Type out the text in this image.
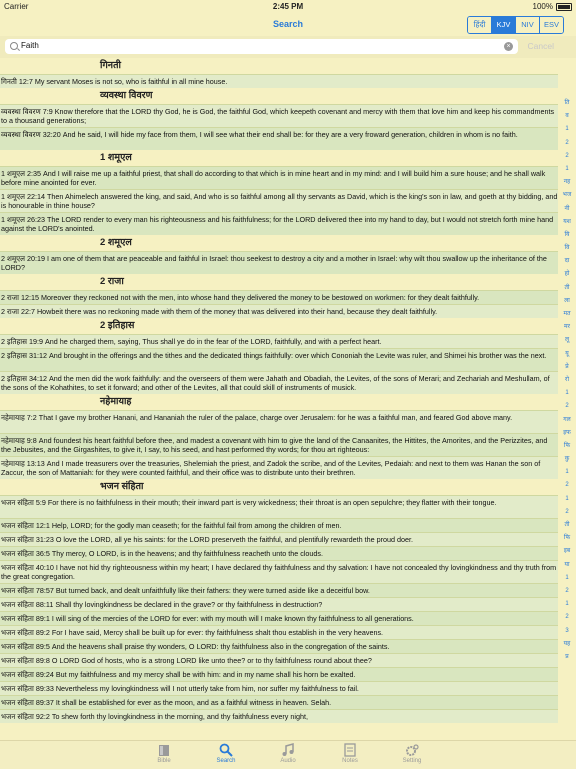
Carrier	2:45 PM	100%
Search	हिंदी	KJV	NIV	ESV
Faith	× Cancel
गिनती
गिनती 12:7 My servant Moses is not so, who is faithful in all mine house.
व्यवस्था विवरण
व्यवस्था विवरण 7:9 Know therefore that the LORD thy God, he is God, the faithful God, which keepeth covenant and mercy with them that love him and keep his commandments to a thousand generations;
व्यवस्था विवरण 32:20 And he said, I will hide my face from them, I will see what their end shall be: for they are a very froward generation, children in whom is no faith.
1 शमूएल
1 शमूएल 2:35 And I will raise me up a faithful priest, that shall do according to that which is in mine heart and in my mind: and I will build him a sure house; and he shall walk before mine anointed for ever.
1 शमूएल 22:14 Then Ahimelech answered the king, and said, And who is so faithful among all thy servants as David, which is the king's son in law, and goeth at thy bidding, and is honourable in thine house?
1 शमूएल 26:23 The LORD render to every man his righteousness and his faithfulness; for the LORD delivered thee into my hand to day, but I would not stretch forth mine hand against the LORD's anointed.
2 शमूएल
2 शमूएल 20:19 I am one of them that are peaceable and faithful in Israel: thou seekest to destroy a city and a mother in Israel: why wilt thou swallow up the inheritance of the LORD?
2 राजा
2 राजा 12:15 Moreover they reckoned not with the men, into whose hand they delivered the money to be bestowed on workmen: for they dealt faithfully.
2 राजा 22:7 Howbeit there was no reckoning made with them of the money that was delivered into their hand, because they dealt faithfully.
2 इतिहास
2 इतिहास 19:9 And he charged them, saying, Thus shall ye do in the fear of the LORD, faithfully, and with a perfect heart.
2 इतिहास 31:12 And brought in the offerings and the tithes and the dedicated things faithfully: over which Cononiah the Levite was ruler, and Shimei his brother was the next.
2 इतिहास 34:12 And the men did the work faithfully: and the overseers of them were Jahath and Obadiah, the Levites, of the sons of Merari; and Zechariah and Meshullam, of the sons of the Kohathites, to set it forward; and other of the Levites, all that could skill of instruments of musick.
नहेमायाह
नहेमायाह 7:2 That I gave my brother Hanani, and Hananiah the ruler of the palace, charge over Jerusalem: for he was a faithful man, and feared God above many.
नहेमायाह 9:8 And foundest his heart faithful before thee, and madest a covenant with him to give the land of the Canaanites, the Hittites, the Amorites, and the Perizzites, and the Jebusites, and the Girgashites, to give it, I say, to his seed, and hast performed thy words; for thou art righteous:
नहेमायाह 13:13 And I made treasurers over the treasuries, Shelemiah the priest, and Zadok the scribe, and of the Levites, Pedaiah: and next to them was Hanan the son of Zaccur, the son of Mattaniah: for they were counted faithful, and their office was to distribute unto their brethren.
भजन संहिता
भजन संहिता 5:9 For there is no faithfulness in their mouth; their inward part is very wickedness; their throat is an open sepulchre; they flatter with their tongue.
भजन संहिता 12:1 Help, LORD; for the godly man ceaseth; for the faithful fail from among the children of men.
भजन संहिता 31:23 O love the LORD, all ye his saints: for the LORD preserveth the faithful, and plentifully rewardeth the proud doer.
भजन संहिता 36:5 Thy mercy, O LORD, is in the heavens; and thy faithfulness reacheth unto the clouds.
भजन संहिता 40:10 I have not hid thy righteousness within my heart; I have declared thy faithfulness and thy salvation: I have not concealed thy lovingkindness and thy truth from the great congregation.
भजन संहिता 78:57 But turned back, and dealt unfaithfully like their fathers: they were turned aside like a deceitful bow.
भजन संहिता 88:11 Shall thy lovingkindness be declared in the grave? or thy faithfulness in destruction?
भजन संहिता 89:1 I will sing of the mercies of the LORD for ever: with my mouth will I make known thy faithfulness to all generations.
भजन संहिता 89:2 For I have said, Mercy shall be built up for ever: thy faithfulness shalt thou establish in the very heavens.
भजन संहिता 89:5 And the heavens shall praise thy wonders, O LORD: thy faithfulness also in the congregation of the saints.
भजन संहिता 89:8 O LORD God of hosts, who is a strong LORD like unto thee? or to thy faithfulness round about thee?
भजन संहिता 89:24 But my faithfulness and my mercy shall be with him: and in my name shall his horn be exalted.
भजन संहिता 89:33 Nevertheless my lovingkindness will I not utterly take from him, nor suffer my faithfulness to fail.
भजन संहिता 89:37 It shall be established for ever as the moon, and as a faithful witness in heaven. Selah.
भजन संहिता 92:2 To shew forth thy lovingkindness in the morning, and thy faithfulness every night,
ति
व
1
2
2
1
नह
भज
नी
यश
यि
वि
दा
हो
ती
ला
मत
मर
लू
यू
प्रे
रो
1
2
गल
इफ
फि
कु
1
2
1
2
ती
फि
इब
या
1
2
1
2
3
यह
प्र
Bible	Search	Audio	Notes	Setting
